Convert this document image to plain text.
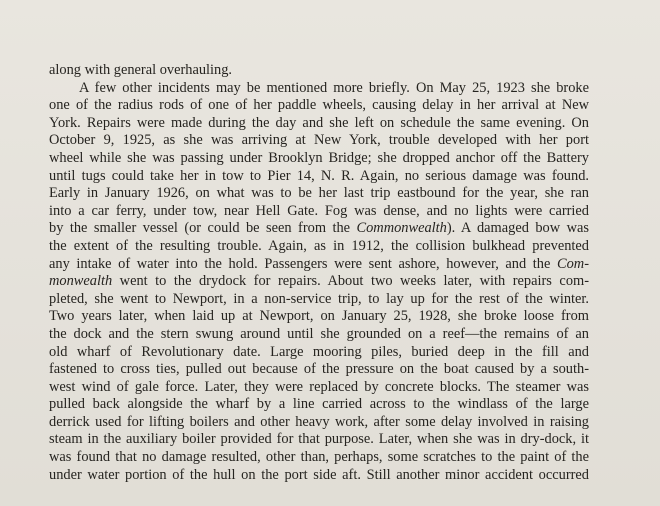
along with general overhauling.
A few other incidents may be mentioned more briefly. On May 25, 1923 she broke
one of the radius rods of one of her paddle wheels, causing delay in her arrival at New
York. Repairs were made during the day and she left on schedule the same evening. On
October 9, 1925, as she was arriving at New York, trouble developed with her port
wheel while she was passing under Brooklyn Bridge; she dropped anchor off the Battery
until tugs could take her in tow to Pier 14, N. R. Again, no serious damage was found.
Early in January 1926, on what was to be her last trip eastbound for the year, she ran
into a car ferry, under tow, near Hell Gate. Fog was dense, and no lights were carried
by the smaller vessel (or could be seen from the Commonwealth). A damaged bow was
the extent of the resulting trouble. Again, as in 1912, the collision bulkhead prevented
any intake of water into the hold. Passengers were sent ashore, however, and the Com-
monwealth went to the drydock for repairs. About two weeks later, with repairs com-
pleted, she went to Newport, in a non-service trip, to lay up for the rest of the winter.
Two years later, when laid up at Newport, on January 25, 1928, she broke loose from
the dock and the stern swung around until she grounded on a reef—the remains of an
old wharf of Revolutionary date. Large mooring piles, buried deep in the fill and
fastened to cross ties, pulled out because of the pressure on the boat caused by a south-
west wind of gale force. Later, they were replaced by concrete blocks. The steamer was
pulled back alongside the wharf by a line carried across to the windlass of the large
derrick used for lifting boilers and other heavy work, after some delay involved in raising
steam in the auxiliary boiler provided for that purpose. Later, when she was in dry-dock, it
was found that no damage resulted, other than, perhaps, some scratches to the paint of the
under water portion of the hull on the port side aft. Still another minor accident occurred
